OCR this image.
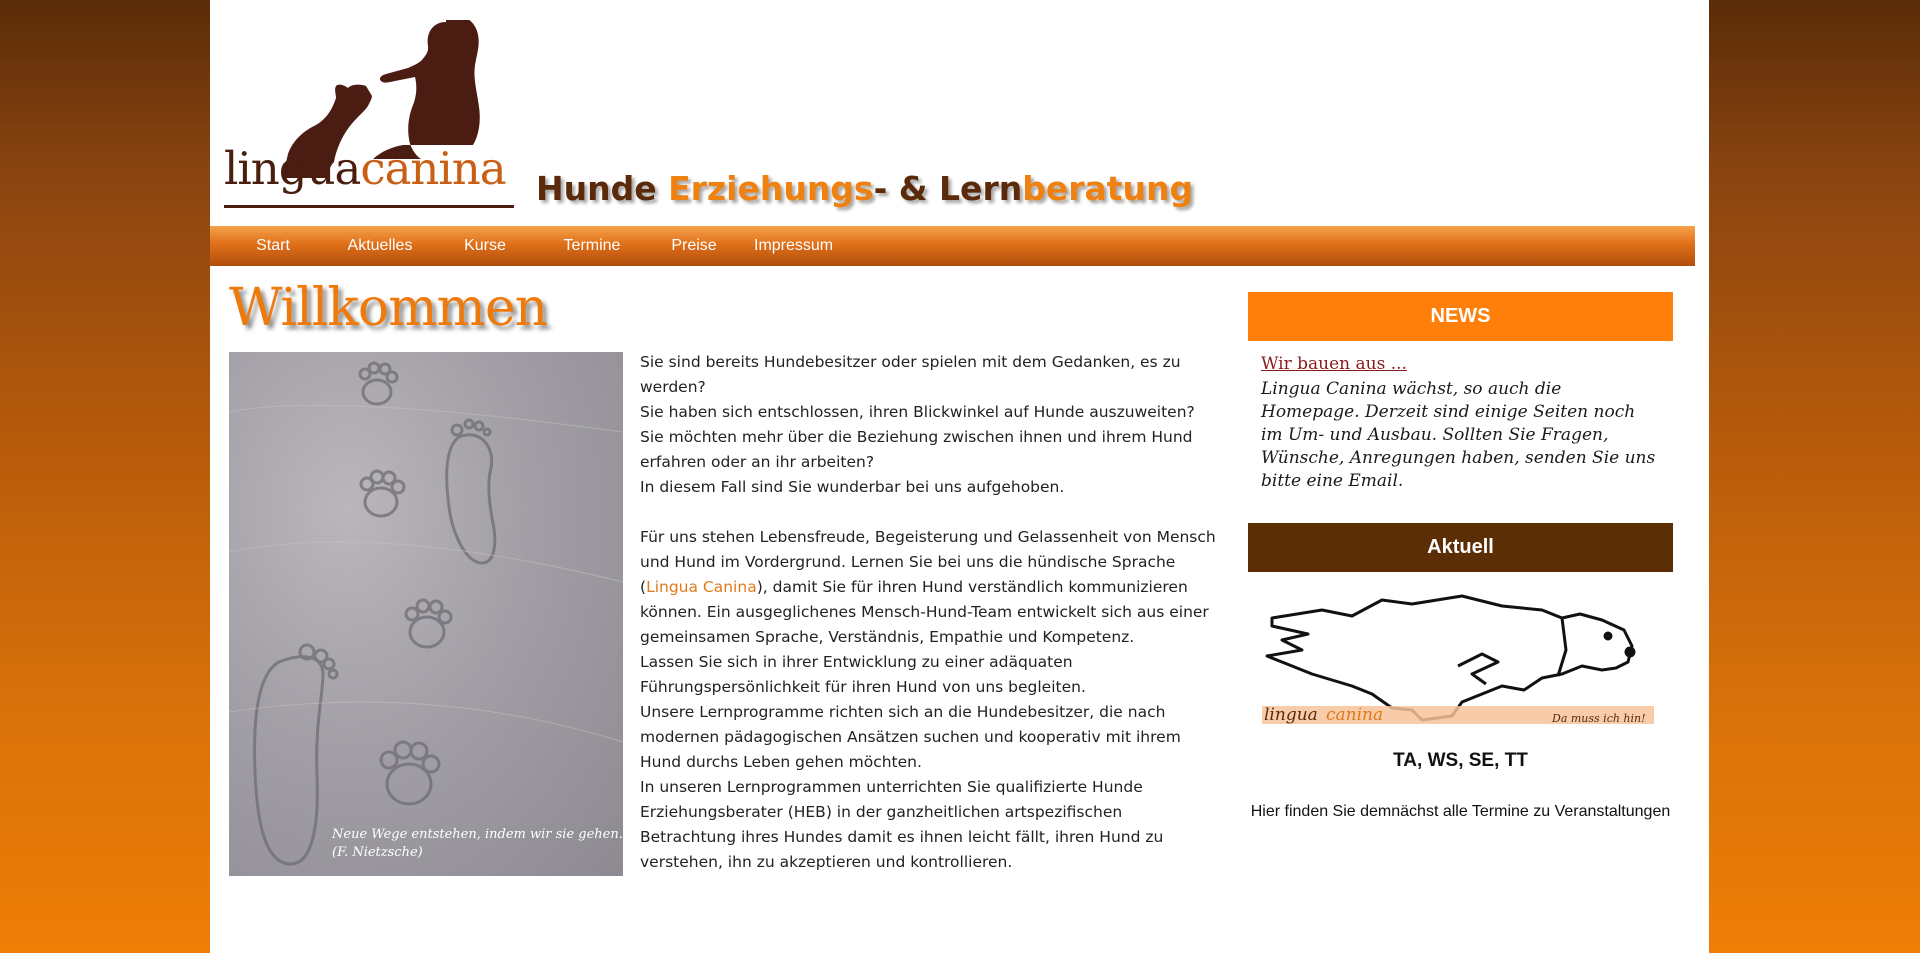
linguacanina Hunde Erziehungs- & Lernberatung
Start	Aktuelles	Kurse	Termine	Preise	Impressum
Willkommen

Sie sind bereits Hundebesitzer oder spielen mit dem Gedanken, es zu werden?

Sie haben sich entschlossen, ihren Blickwinkel auf Hunde auszuweiten?

Sie möchten mehr über die Beziehung zwischen ihnen und ihrem Hund erfahren oder an ihr arbeiten?

In diesem Fall sind Sie wunderbar bei uns aufgehoben.

Für uns stehen Lebensfreude, Begeisterung und Gelassenheit von Mensch und Hund im Vordergrund. Lernen Sie bei uns die hündische Sprache (Lingua Canina), damit Sie für ihren Hund verständlich kommunizieren können. Ein ausgeglichenes Mensch-Hund-Team entwickelt sich aus einer gemeinsamen Sprache, Verständnis, Empathie und Kompetenz.

Lassen Sie sich in ihrer Entwicklung zu einer adäquaten Führungspersönlichkeit für ihren Hund von uns begleiten.

Unsere Lernprogramme richten sich an die Hundebesitzer, die nach modernen pädagogischen Ansätzen suchen und kooperativ mit ihrem Hund durchs Leben gehen möchten.

In unseren Lernprogrammen unterrichten Sie qualifizierte Hunde Erziehungsberater (HEB) in der ganzheitlichen artspezifischen Betrachtung ihres Hundes damit es ihnen leicht fällt, ihren Hund zu verstehen, ihn zu akzeptieren und kontrollieren.

Neue Wege entstehen, indem wir sie gehen.
(F. Nietzsche)
NEWS
Wir bauen aus ...
Lingua Canina wächst, so auch die Homepage. Derzeit sind einige Seiten noch im Um- und Ausbau. Sollten Sie Fragen, Wünsche, Anregungen haben, senden Sie uns bitte eine Email.
Aktuell
lingua canina	Da muss ich hin!
TA, WS, SE, TT
Hier finden Sie demnächst alle Termine zu Veranstaltungen
